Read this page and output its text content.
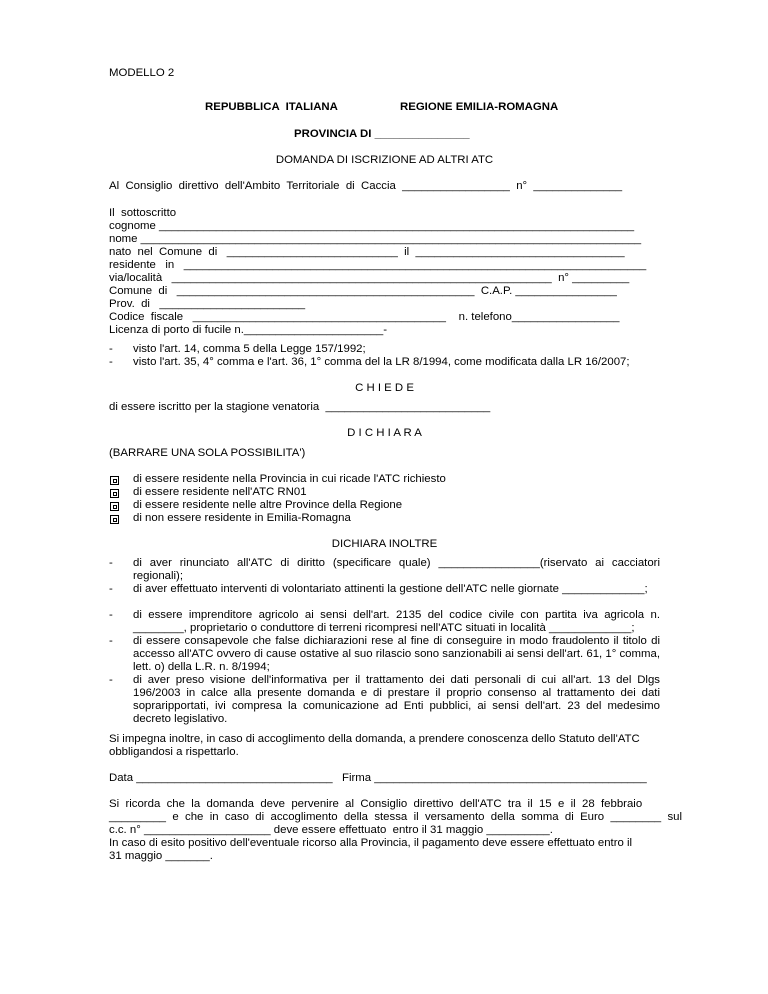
MODELLO 2
REPUBBLICA  ITALIANA	REGIONE EMILIA-ROMAGNA
PROVINCIA DI _______________
DOMANDA DI ISCRIZIONE AD ALTRI ATC
Al  Consiglio  direttivo  dell'Ambito  Territoriale  di  Caccia  _________________  n°  ______________
Il  sottoscritto
cognome ___________________________________________________________________________
nome _______________________________________________________________________________
nato  nel  Comune  di   ___________________________  il  _________________________________
residente   in   _________________________________________________________________________
via/località   ____________________________________________________________  n° _________
Comune  di   _______________________________________________  C.A.P. ________________
Prov.  di   _______________________
Codice  fiscale   ________________________________________    n. telefono_________________
Licenza di porto di fucile n.______________________-
- visto l'art. 14, comma 5 della Legge 157/1992;
- visto l'art. 35, 4° comma e l'art. 36, 1° comma del la LR 8/1994, come modificata dalla LR 16/2007;
C H I E D E
di essere iscritto per la stagione venatoria  __________________________
D I C H I A R A
(BARRARE UNA SOLA POSSIBILITA')
di essere residente nella Provincia in cui ricade l'ATC richiesto
di essere residente nell'ATC RN01
di essere residente nelle altre Province della Regione
di non essere residente in Emilia-Romagna
DICHIARA INOLTRE
- di aver rinunciato all'ATC di diritto (specificare quale) ________________(riservato ai cacciatori regionali);
- di aver effettuato interventi di volontariato attinenti la gestione dell'ATC nelle giornate _____________;
- di essere imprenditore agricolo ai sensi dell'art. 2135 del codice civile con partita iva agricola n. ________, proprietario o conduttore di terreni ricompresi nell'ATC situati in località _____________;
- di essere consapevole che false dichiarazioni rese al fine di conseguire in modo fraudolento il titolo di accesso all'ATC ovvero di cause ostative al suo rilascio sono sanzionabili ai sensi dell'art. 61, 1° comma, lett. o) della L.R. n. 8/1994;
- di aver preso visione dell'informativa per il trattamento dei dati personali di cui all'art. 13 del Dlgs 196/2003 in calce alla presente domanda e di prestare il proprio consenso al trattamento dei dati sopraripportati, ivi compresa la comunicazione ad Enti pubblici, ai sensi dell'art. 23 del medesimo decreto legislativo.
Si impegna inoltre, in caso di accoglimento della domanda, a prendere conoscenza dello Statuto dell'ATC obbligandosi a rispettarlo.
Data _______________________________ Firma ___________________________________________
Si  ricorda  che  la  domanda  deve  pervenire  al  Consiglio  direttivo  dell'ATC  tra  il  15  e  il  28  febbraio
_________  e  che  in  caso  di  accoglimento  della  stessa  il  versamento  della  somma  di  Euro  ________  sul
c.c. n° ____________________ deve essere effettuato  entro il 31 maggio __________.
In caso di esito positivo dell'eventuale ricorso alla Provincia, il pagamento deve essere effettuato entro il
31 maggio _______.
